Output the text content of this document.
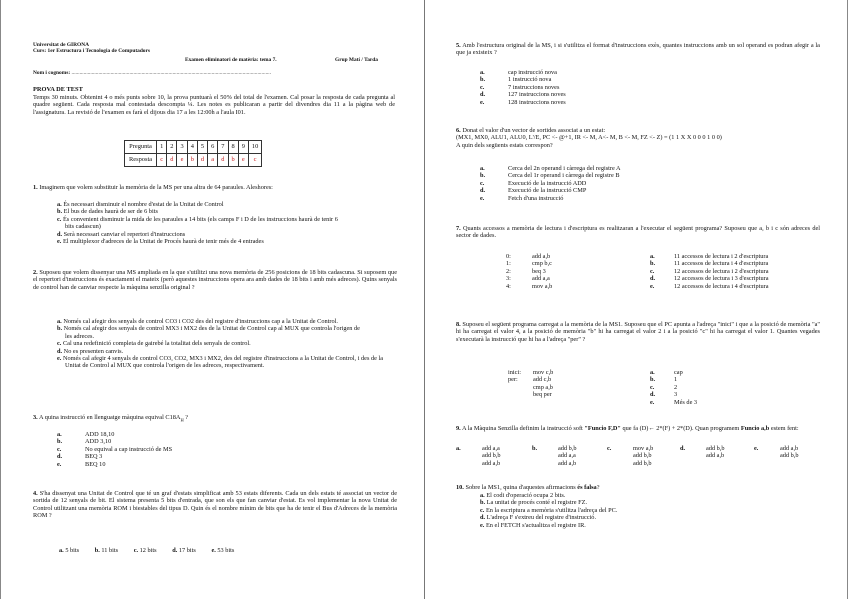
Universitat de GIRONA
Curs: 1er Estructura i Tecnologia de Computadors
Examen eliminatori de matèria: tema 7.	Grup Matí / Tarda
Nom i cognoms: ....................................................................................................................................................
PROVA DE TEST
Temps 30 minuts. Obtenint 4 o més punts sobre 10, la prova puntuarà el 50% del total de l'examen. Cal posar la resposta de cada pregunta al quadre següent. Cada resposta mal contestada descompta ¼. Les notes es publicaran a partir del divendres dia 11 a la pàgina web de l'assignatura. La revisió de l'examen es farà el dijous dia 17 a les 12:00h a l'aula I01.
Pregunta	1	2	3	4	5	6	7	8	9	10
Resposta	c	d	e	b	d	a	d	b	e	c
1. Imaginem que volem substituir la memòria de la MS per una altra de 64 paraules. Aleshores:
a. És necessari disminuir el nombre d'estat de la Unitat de Control
b. El bus de dades haurà de ser de 6 bits
c. És convenient disminuir la mida de les paraules a 14 bits (els camps F i D de les instruccions haurà de tenir 6 bits cadascun)
d. Serà necessari canviar el repertori d'instruccions
e. El multiplexor d'adreces de la Unitat de Procés haurà de tenir més de 4 entrades
2. Suposeu que volem dissenyar una MS ampliada en la que s'utilitzi una nova memòria de 256 posicions de 18 bits cadascuna. Si suposem que el repertori d'instruccions és exactament el mateix (però aquestes instruccions opera ara amb dades de 18 bits i amb més adreces). Quins senyals de control han de canviar respecte la màquina senzilla original ?
a. Només cal afegir dos senyals de control CO3 i CO2 des del registre d'instruccions cap a la Unitat de Control.
b. Només cal afegir dos senyals de control MX3 i MX2 des de la Unitat de Control cap al MUX que controla l'origen de les adreces.
c. Cal una redefinició completa de gairebé la totalitat dels senyals de control.
d. No es presenten canvis.
e. Només cal afegir 4 senyals de control CO3, CO2, MX3 i MX2, des del registre d'instruccions a la Unitat de Control, i des de la Unitat de Control al MUX que controla l'origen de les adreces, respectivament.
3. A quina instrucció en llenguatge màquina equival $C18A_H$ ?
a.	ADD 18,10
b.	ADD 3,10
c.	No equival a cap instrucció de MS
d.	BEQ 3
e.	BEQ 10
4. S'ha dissenyat una Unitat de Control que té un graf d'estats simplificat amb 53 estats diferents. Cada un dels estats té associat un vector de sortida de 12 senyals de bit. El sistema presenta 5 bits d'entrada, que son els que fan canviar d'estat. Es vol implementar la nova Unitat de Control utilitzant una memòria ROM i biestables del tipus D. Quin és el nombre mínim de bits que ha de tenir el Bus d'Adreces de la memòria ROM ?
a. 5 bits b. 11 bits c. 12 bits d. 17 bits e. 53 bits
5. Amb l'estructura original de la MS, i si s'utilitza el format d'instruccions exès, quantes instruccions amb un sol operand es podran afegir a la que ja existeix ?
a.	cap instrucció nova
b.	1 instrucció nova
c.	7 instruccions noves
d.	127 instruccions noves
e.	128 instruccions noves
6. Donat el valor d'un vector de sortides associat a un estat:
(MX1, MX0, ALU1, ALU0, L'/E, PC <- @+1, IR <- M, A<- M, B <- M, FZ <- Z) = (1 1 X X 0 0 0 1 0 0)
A quin dels següents estats correspon?
a.	Cerca del 2n operand i càrrega del registre A
b.	Cerca del 1r operand i càrrega del registre B
c.	Execució de la instrucció ADD
d.	Execució de la instrucció CMP
e.	Fetch d'una instrucció
7. Quants accessos a memòria de lectura i d'escriptura es realitzaran a l'executar el següent programa? Suposeu que a, b i c són adreces del sector de dades.
0:	add a,b
1:	cmp b,c
2:	beq 3
3:	add a,a
4:	mov a,b
a.	11 accessos de lectura i 2 d'escriptura
b.	11 accessos de lectura i 4 d'escriptura
c.	12 accessos de lectura i 2 d'escriptura
d.	12 accessos de lectura i 3 d'escriptura
e.	12 accessos de lectura i 4 d'escriptura
8. Suposeu el següent programa carregat a la memòria de la MS1. Suposeu que el PC apunta a l'adreça "inici" i que a la posició de memòria "a" hi ha carregat el valor 4, a la posició de memòria "b" hi ha carregat el valor 2 i a la posició "c" hi ha carregat el valor 1. Quantes vegades s'executarà la instrucció que hi ha a l'adreça "per" ?
inici: mov c,b
per: add c,b

cmp a,b

beq per
a.	cap
b.	1
c.	2
d.	3
e.	Més de 3
9. A la Màquina Senzilla definim la instrucció soft "Funcio F,D" que fa (D)← 2*(F) + 2*(D). Quan programem Funcio a,b estem fent:
a.	add a,a
add b,b
add a,b
b.	add b,b
add a,a
add a,b
c.	mov a,b
add b,b
add b,b
d.	add b,b
add a,b
e.	add a,b
add b,b
10. Sobre la MS1, quina d'aquestes afirmacions és falsa?
a. El codi d'operació ocupa 2 bits.
b. La unitat de procés conté el registre FZ.
c. En la escriptura a memòria s'utilitza l'adreça del PC.
d. L'adreça F s'extreu del registre d'instrucció.
e. En el FETCH s'actualitza el registre IR.
